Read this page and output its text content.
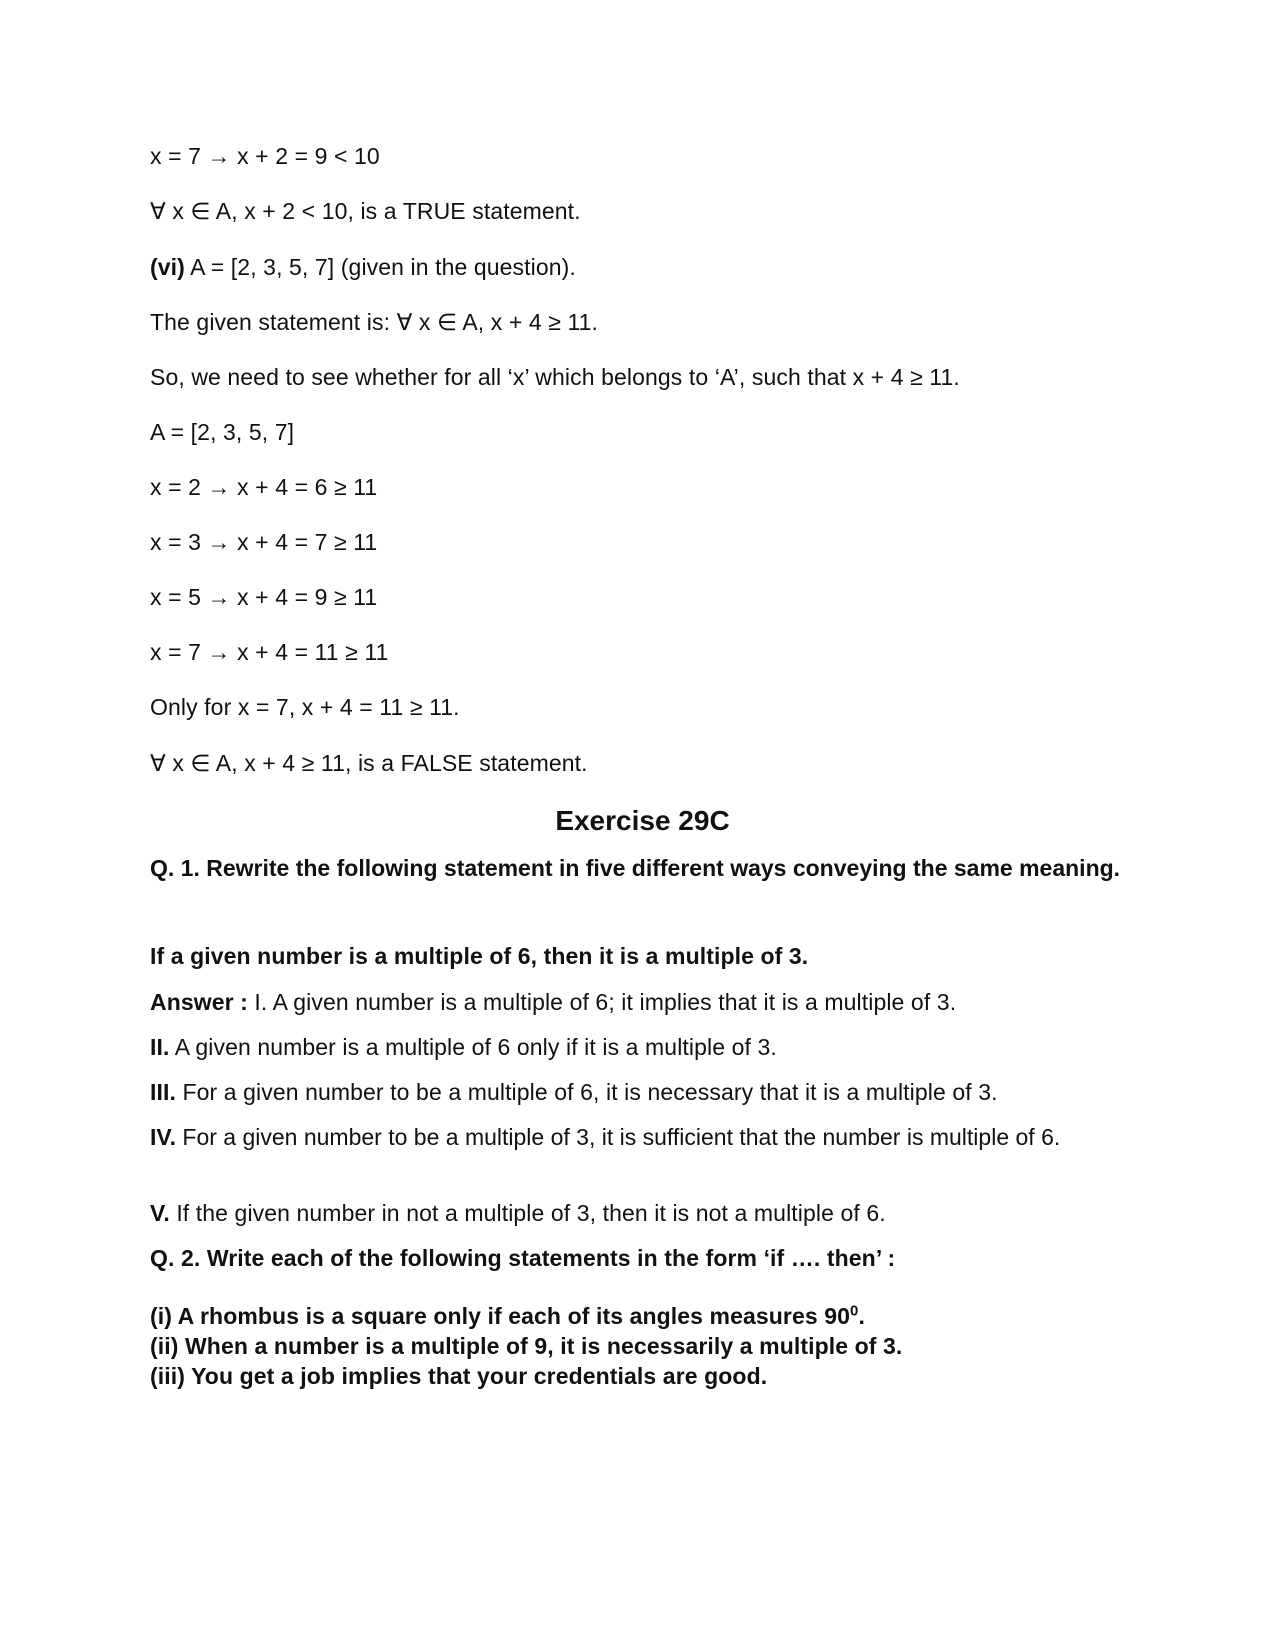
x = 7 → x + 2 = 9 < 10
∀ x ∈ A, x + 2 < 10, is a TRUE statement.
(vi) A = [2, 3, 5, 7] (given in the question).
The given statement is: ∀ x ∈ A, x + 4 ≥ 11.
So, we need to see whether for all ‘x’ which belongs to ‘A’, such that x + 4 ≥ 11.
A = [2, 3, 5, 7]
x = 2 → x + 4 = 6 ≥ 11
x = 3 → x + 4 = 7 ≥ 11
x = 5 → x + 4 = 9 ≥ 11
x = 7 → x + 4 = 11 ≥ 11
Only for x = 7, x + 4 = 11 ≥ 11.
∀ x ∈ A, x + 4 ≥ 11, is a FALSE statement.
Exercise 29C
Q. 1. Rewrite the following statement in five different ways conveying the same meaning.
If a given number is a multiple of 6, then it is a multiple of 3.
Answer : I. A given number is a multiple of 6; it implies that it is a multiple of 3.
II. A given number is a multiple of 6 only if it is a multiple of 3.
III. For a given number to be a multiple of 6, it is necessary that it is a multiple of 3.
IV. For a given number to be a multiple of 3, it is sufficient that the number is multiple of 6.
V. If the given number in not a multiple of 3, then it is not a multiple of 6.
Q. 2. Write each of the following statements in the form ‘if …. then’ :
(i) A rhombus is a square only if each of its angles measures $90^0$.
(ii) When a number is a multiple of 9, it is necessarily a multiple of 3.
(iii) You get a job implies that your credentials are good.
